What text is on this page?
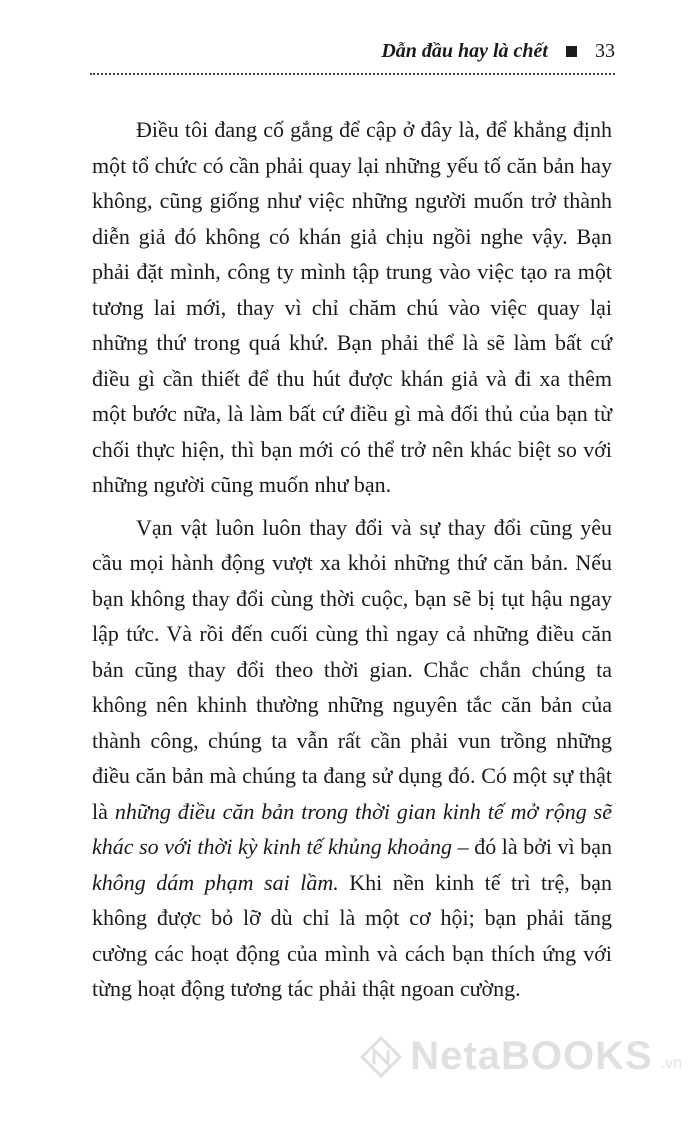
Dẫn đầu hay là chết 33

Điều tôi đang cố gắng để cập ở đây là, để khẳng định một tổ chức có cần phải quay lại những yếu tố căn bản hay không, cũng giống như việc những người muốn trở thành diễn giả đó không có khán giả chịu ngồi nghe vậy. Bạn phải đặt mình, công ty mình tập trung vào việc tạo ra một tương lai mới, thay vì chỉ chăm chú vào việc quay lại những thứ trong quá khứ. Bạn phải thể là sẽ làm bất cứ điều gì cần thiết để thu hút được khán giả và đi xa thêm một bước nữa, là làm bất cứ điều gì mà đối thủ của bạn từ chối thực hiện, thì bạn mới có thể trở nên khác biệt so với những người cũng muốn như bạn.

Vạn vật luôn luôn thay đổi và sự thay đổi cũng yêu cầu mọi hành động vượt xa khỏi những thứ căn bản. Nếu bạn không thay đổi cùng thời cuộc, bạn sẽ bị tụt hậu ngay lập tức. Và rồi đến cuối cùng thì ngay cả những điều căn bản cũng thay đổi theo thời gian. Chắc chắn chúng ta không nên khinh thường những nguyên tắc căn bản của thành công, chúng ta vẫn rất cần phải vun trồng những điều căn bản mà chúng ta đang sử dụng đó. Có một sự thật là những điều căn bản trong thời gian kinh tế mở rộng sẽ khác so với thời kỳ kinh tế khủng khoảng – đó là bởi vì bạn không dám phạm sai lầm. Khi nền kinh tế trì trệ, bạn không được bỏ lỡ dù chỉ là một cơ hội; bạn phải tăng cường các hoạt động của mình và cách bạn thích ứng với từng hoạt động tương tác phải thật ngoan cường.

NetaBOOKS .vn
